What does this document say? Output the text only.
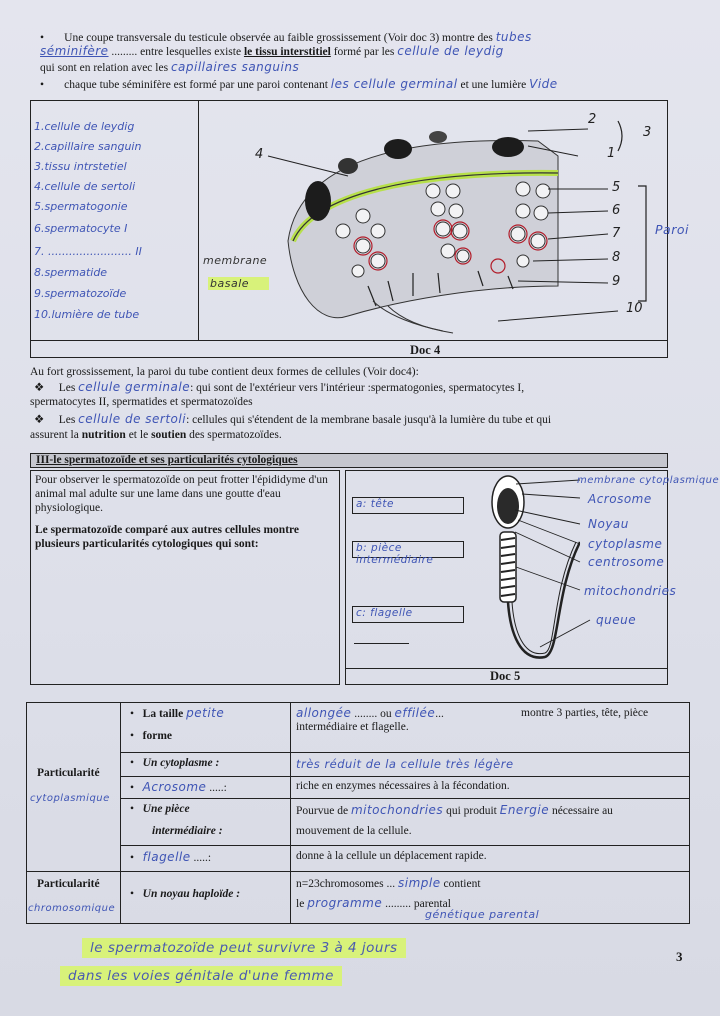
•       Une coupe transversale du testicule observée au faible grossissement (Voir doc 3) montre des tubes
séminifère ......... entre lesquelles existe le tissu interstitiel formé par les cellule de leydig
qui sont en relation avec les capillaires sanguins
•       chaque tube séminifère est formé par une paroi contenant les cellule germinal et une lumière Vide
Doc 4
1.cellule de leydig
2.capillaire sanguin
3.tissu intrstetiel
4.cellule de sertoli
5.spermatogonie
6.spermatocyte I
7. ........................ II
8.spermatide
9.spermatozoïde
10.lumière de tube
4
2
3
1
5
6
7
8
9
10
Paroi
membrane
basale
Au fort grossissement, la paroi du tube contient deux formes de cellules (Voir doc4):
❖     Les cellule germinale: qui sont de l'extérieur vers l'intérieur :spermatogonies, spermatocytes I,
spermatocytes II, spermatides et spermatozoïdes
❖     Les cellule de sertoli: cellules qui s'étendent de la membrane basale jusqu'à la lumière du tube et qui
assurent la nutrition et le soutien des spermatozoïdes.
III-le spermatozoïde et ses particularités cytologiques
Pour observer le spermatozoïde on peut frotter l'épididyme d'un animal mal adulte sur une lame dans une goutte d'eau physiologique.
Le spermatozoïde comparé aux autres cellules montre plusieurs particularités cytologiques qui sont:
Doc 5
a: tête
b: pièce intermédiaire
c: flagelle
membrane cytoplasmique
Acrosome
Noyau
cytoplasme
centrosome
mitochondries
queue
Particularité
cytoplasmique
Particularité
chromosomique
•   La taille petite
•   forme
allongée ........ ou effilée...	montre 3 parties, tête, pièce intermédiaire et flagelle.
•   Un cytoplasme :	très réduit de la cellule très légère
•   Acrosome .....:	riche en enzymes nécessaires à la fécondation.
•   Une pièce
intermédiaire :
Pourvue de mitochondries qui produit Energie nécessaire au
mouvement de la cellule.
•   flagelle .....:	donne à la cellule un déplacement rapide.
•   Un noyau haploïde :
n=23chromosomes ... simple contient
le programme ......... parental
génétique parental
le spermatozoïde peut survivre 3 à 4 jours
dans les voies génitale d'une femme
3
